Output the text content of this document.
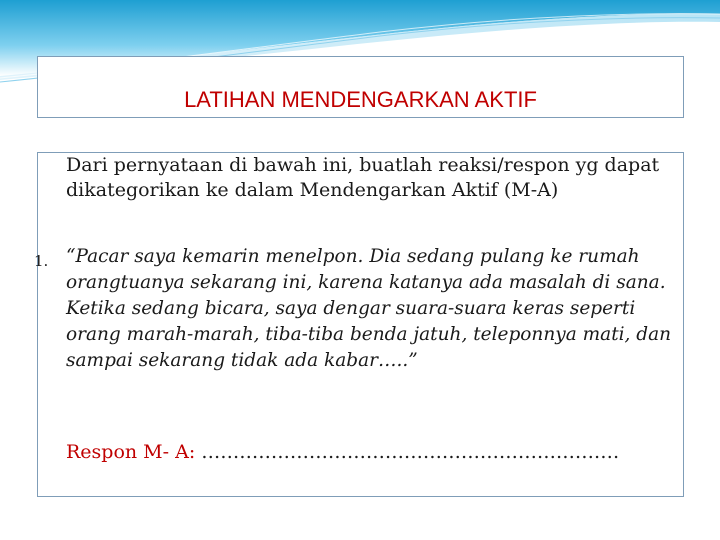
LATIHAN MENDENGARKAN AKTIF

Dari pernyataan di bawah ini, buatlah reaksi/respon yg dapat dikategorikan ke dalam Mendengarkan Aktif (M-A)

1. “Pacar saya kemarin menelpon. Dia sedang pulang ke rumah orangtuanya sekarang ini, karena katanya ada masalah di sana. Ketika sedang bicara, saya dengar suara-suara keras seperti orang marah-marah, tiba-tiba benda jatuh, teleponnya mati, dan sampai sekarang tidak ada kabar…..”

Respon M- A: …………………………………………………………
